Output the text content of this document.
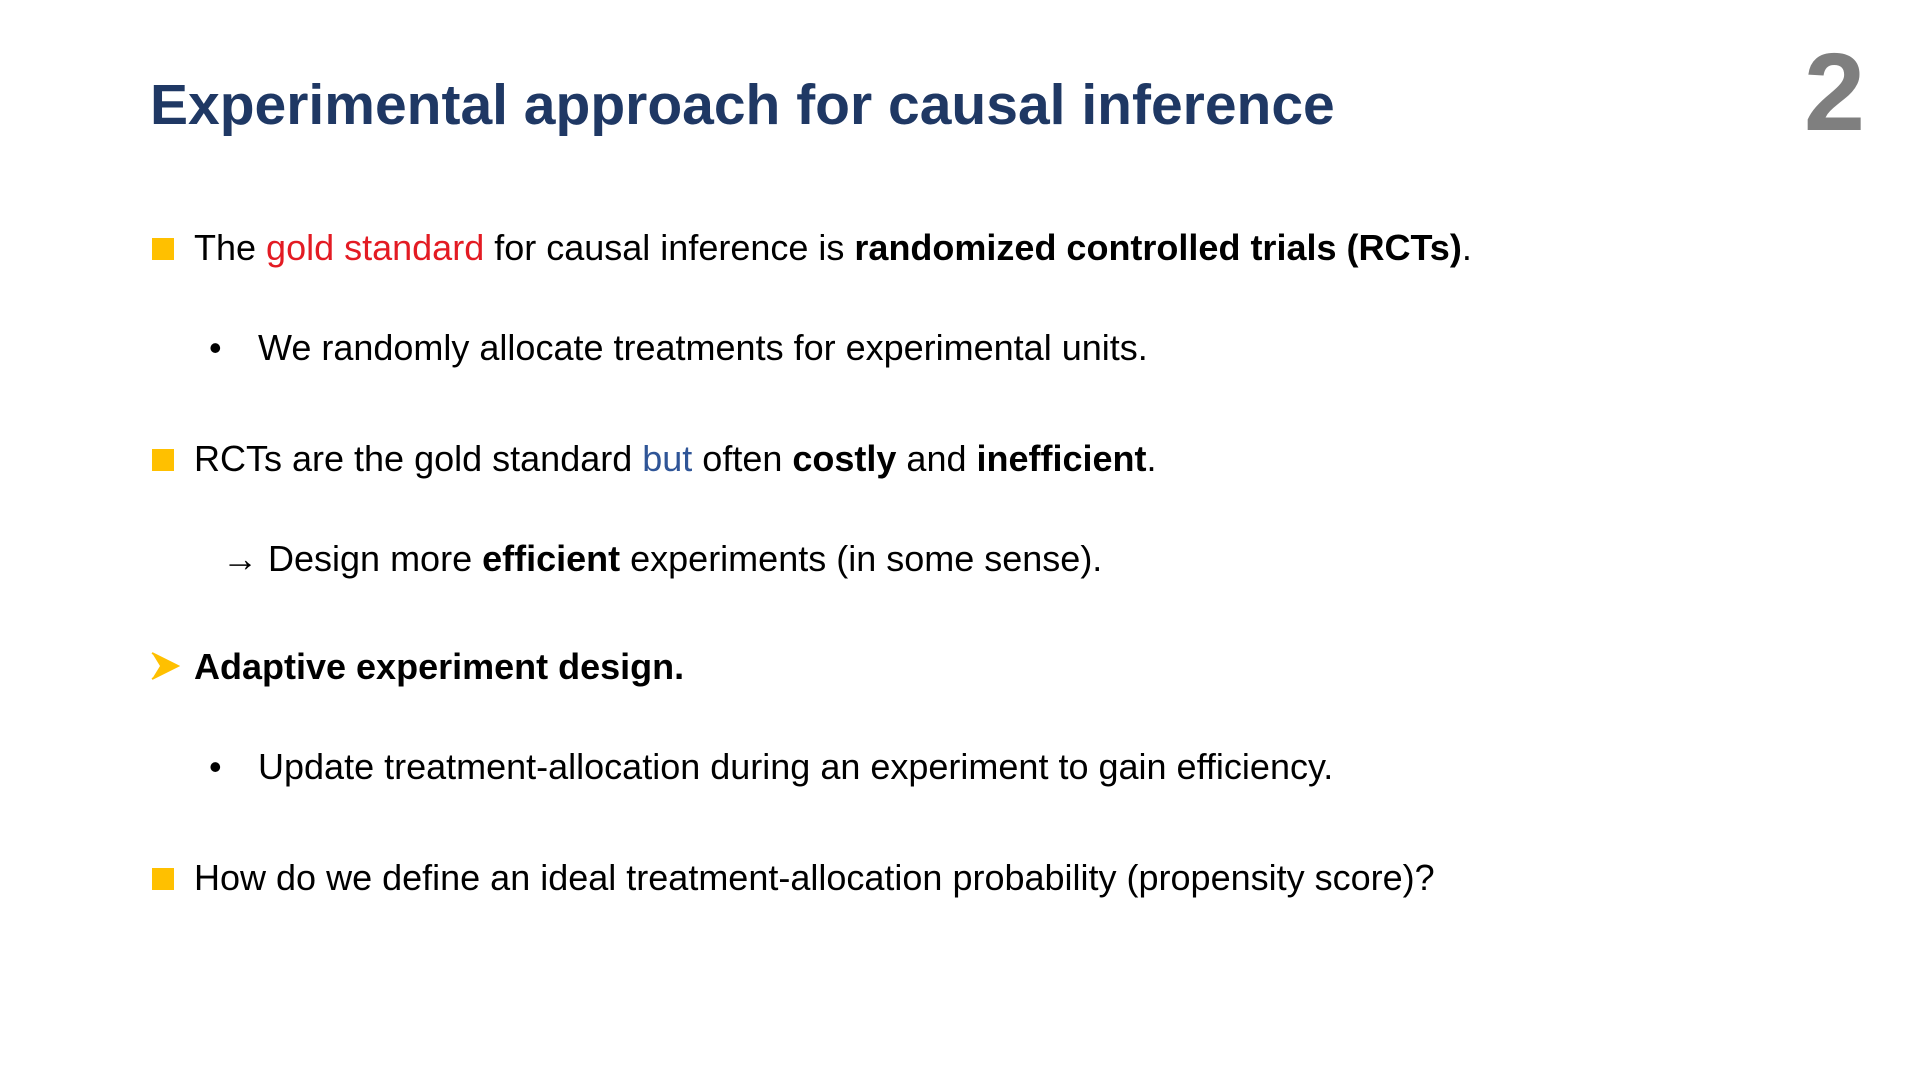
Experimental approach for causal inference	2
The gold standard for causal inference is randomized controlled trials (RCTs).
• We randomly allocate treatments for experimental units.
RCTs are the gold standard but often costly and inefficient.
→ Design more efficient experiments (in some sense).
Adaptive experiment design.
• Update treatment-allocation during an experiment to gain efficiency.
How do we define an ideal treatment-allocation probability (propensity score)?
